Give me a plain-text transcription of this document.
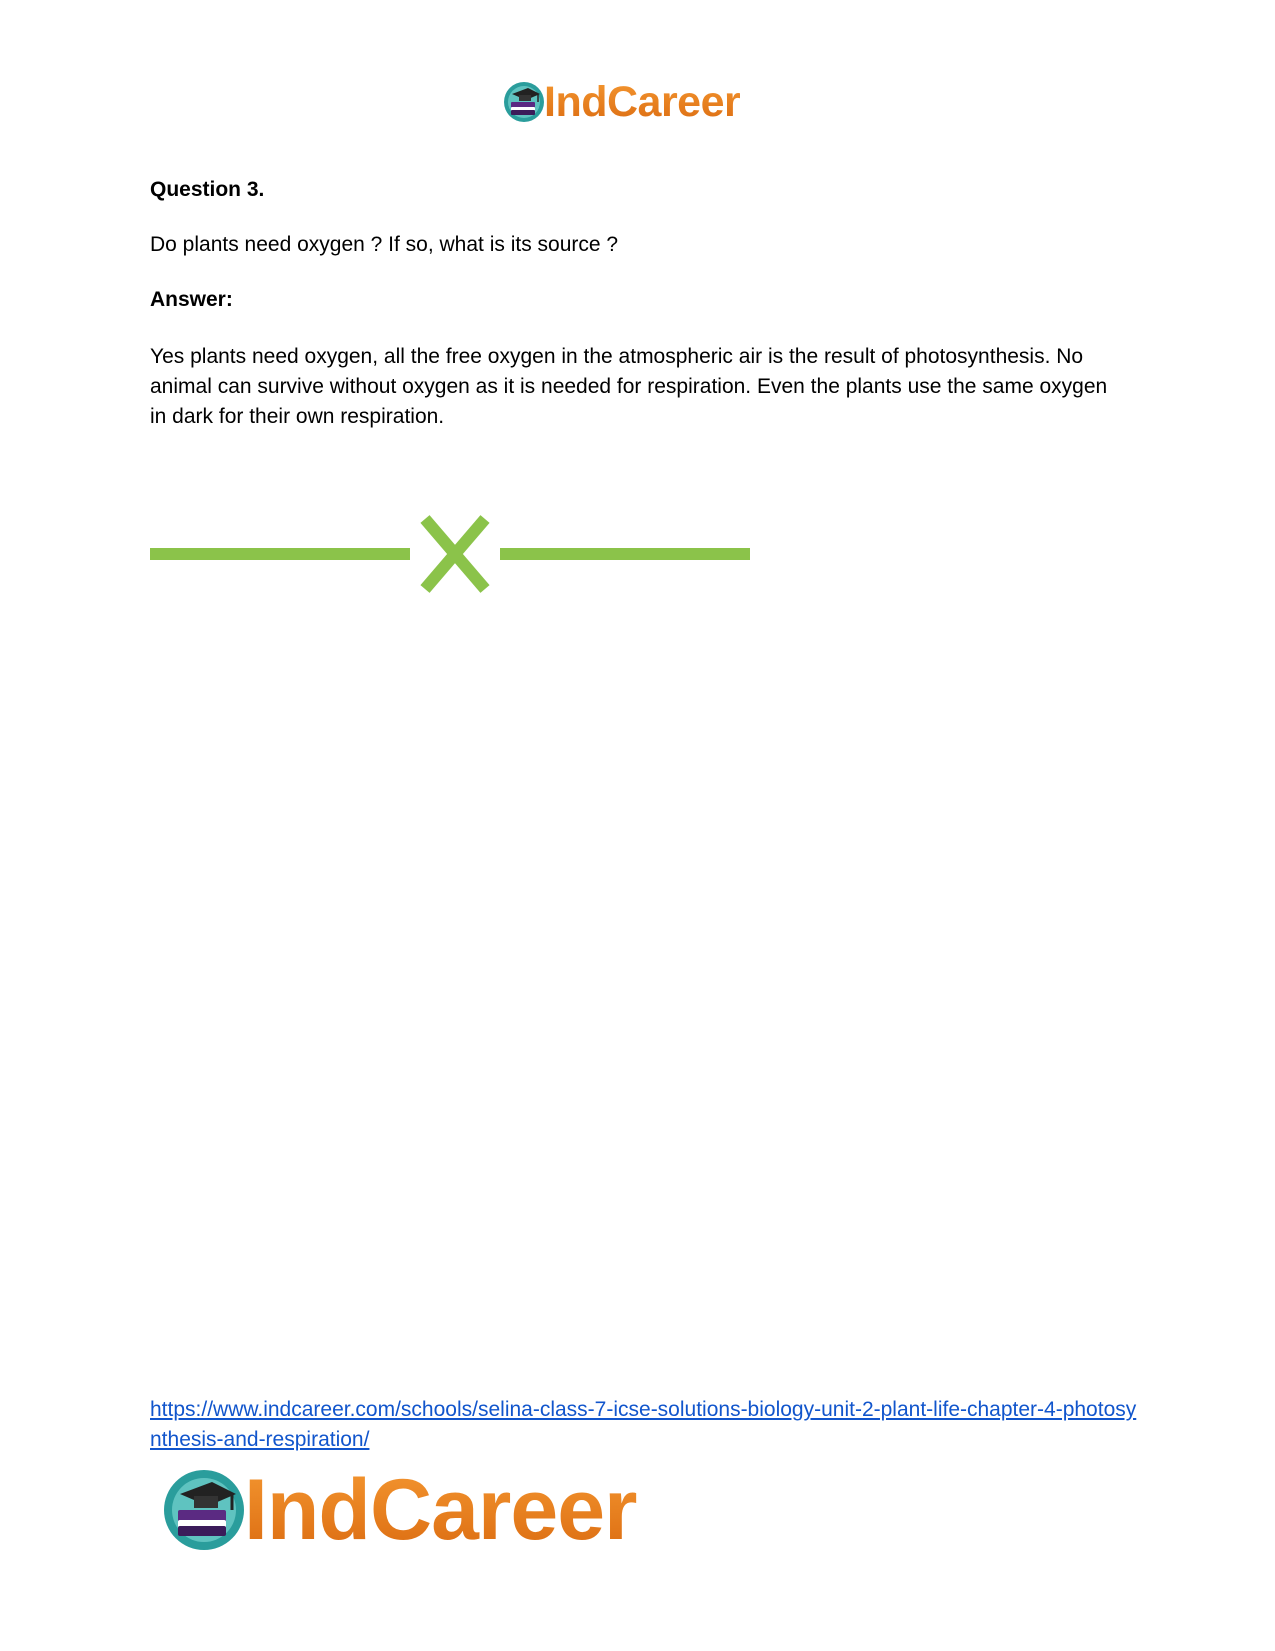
IndCareer
Question 3.
Do plants need oxygen ? If so, what is its source ?
Answer:
Yes plants need oxygen, all the free oxygen in the atmospheric air is the result of photosynthesis. No animal can survive without oxygen as it is needed for respiration. Even the plants use the same oxygen in dark for their own respiration.
https://www.indcareer.com/schools/selina-class-7-icse-solutions-biology-unit-2-plant-life-chapter-4-photosynthesis-and-respiration/
IndCareer
